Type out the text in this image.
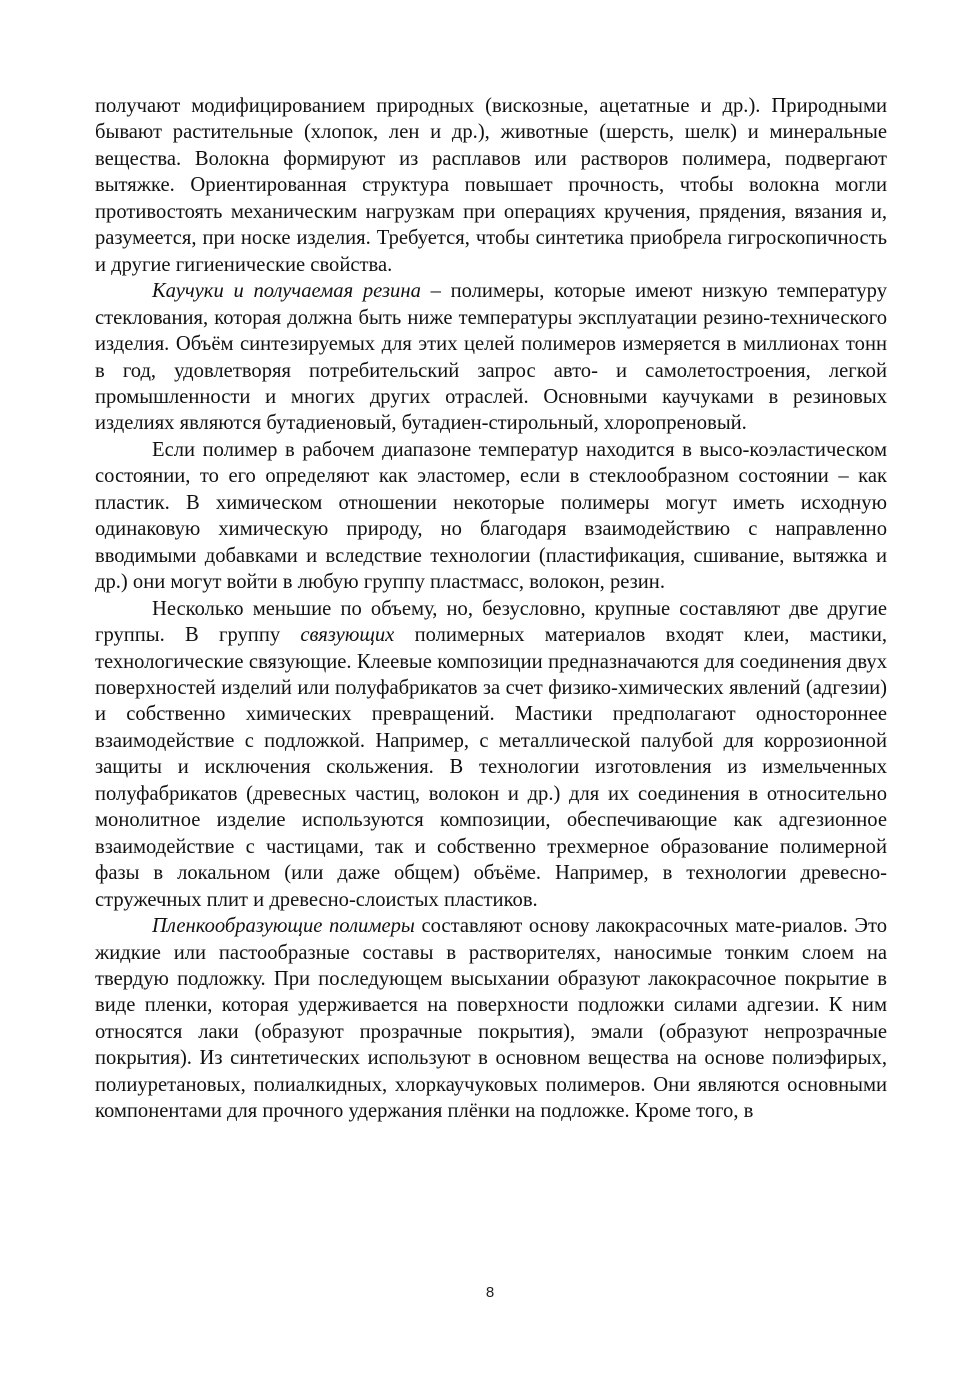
получают модифицированием природных (вискозные, ацетатные и др.). Природными бывают растительные (хлопок, лен и др.), животные (шерсть, шелк) и минеральные вещества. Волокна формируют из расплавов или растворов полимера, подвергают вытяжке. Ориентированная структура повышает прочность, чтобы волокна могли противостоять механическим нагрузкам при операциях кручения, прядения, вязания и, разумеется, при носке изделия. Требуется, чтобы синтетика приобрела гигроскопичность и другие гигиенические свойства.

Каучуки и получаемая резина – полимеры, которые имеют низкую температуру стеклования, которая должна быть ниже температуры эксплуатации резино-технического изделия. Объём синтезируемых для этих целей полимеров измеряется в миллионах тонн в год, удовлетворяя потребительский запрос авто- и самолетостроения, легкой промышленности и многих других отраслей. Основными каучуками в резиновых изделиях являются бутадиеновый, бутадиен-стирольный, хлоропреновый.

Если полимер в рабочем диапазоне температур находится в высо-коэластическом состоянии, то его определяют как эластомер, если в стеклообразном состоянии – как пластик. В химическом отношении некоторые полимеры могут иметь исходную одинаковую химическую природу, но благодаря взаимодействию с направленно вводимыми добавками и вследствие технологии (пластификация, сшивание, вытяжка и др.) они могут войти в любую группу пластмасс, волокон, резин.

Несколько меньшие по объему, но, безусловно, крупные составляют две другие группы. В группу связующих полимерных материалов входят клеи, мастики, технологические связующие. Клеевые композиции предназначаются для соединения двух поверхностей изделий или полуфабрикатов за счет физико-химических явлений (адгезии) и собственно химических превращений. Мастики предполагают одностороннее взаимодействие с подложкой. Например, с металлической палубой для коррозионной защиты и исключения скольжения. В технологии изготовления из измельченных полуфабрикатов (древесных частиц, волокон и др.) для их соединения в относительно монолитное изделие используются композиции, обеспечивающие как адгезионное взаимодействие с частицами, так и собственно трехмерное образование полимерной фазы в локальном (или даже общем) объёме. Например, в технологии древесно-стружечных плит и древесно-слоистых пластиков.

Пленкообразующие полимеры составляют основу лакокрасочных мате-риалов. Это жидкие или пастообразные составы в растворителях, наносимые тонким слоем на твердую подложку. При последующем высыхании образуют лакокрасочное покрытие в виде пленки, которая удерживается на поверхности подложки силами адгезии. К ним относятся лаки (образуют прозрачные покрытия), эмали (образуют непрозрачные покрытия). Из синтетических используют в основном вещества на основе полиэфирых, полиуретановых, полиалкидных, хлоркаучуковых полимеров. Они являются основными компонентами для прочного удержания плёнки на подложке. Кроме того, в

8
